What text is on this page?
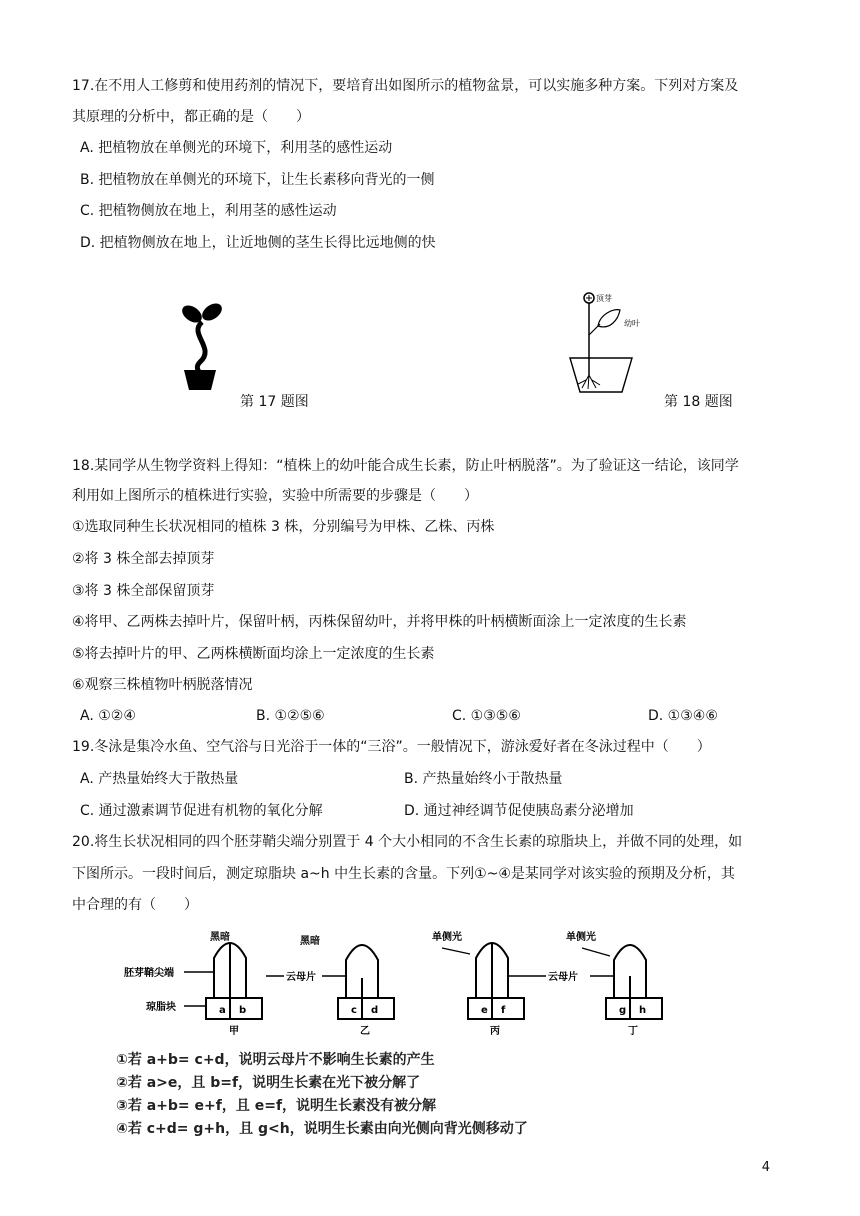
17.在不用人工修剪和使用药剂的情况下，要培育出如图所示的植物盆景，可以实施多种方案。下列对方案及
其原理的分析中，都正确的是（　　）
A. 把植物放在单侧光的环境下，利用茎的感性运动
B. 把植物放在单侧光的环境下，让生长素移向背光的一侧
C. 把植物侧放在地上，利用茎的感性运动
D. 把植物侧放在地上，让近地侧的茎生长得比远地侧的快
第 17 题图
顶芽
幼叶
第 18 题图
18.某同学从生物学资料上得知：“植株上的幼叶能合成生长素，防止叶柄脱落”。为了验证这一结论，该同学
利用如上图所示的植株进行实验，实验中所需要的步骤是（　　）
①选取同种生长状况相同的植株 3 株，分别编号为甲株、乙株、丙株
②将 3 株全部去掉顶芽
③将 3 株全部保留顶芽
④将甲、乙两株去掉叶片，保留叶柄，丙株保留幼叶，并将甲株的叶柄横断面涂上一定浓度的生长素
⑤将去掉叶片的甲、乙两株横断面均涂上一定浓度的生长素
⑥观察三株植物叶柄脱落情况
A. ①②④	B. ①②⑤⑥	C. ①③⑤⑥	D. ①③④⑥
19.冬泳是集冷水鱼、空气浴与日光浴于一体的“三浴”。一般情况下，游泳爱好者在冬泳过程中（　　）
A. 产热量始终大于散热量	B. 产热量始终小于散热量
C. 通过激素调节促进有机物的氧化分解	D. 通过神经调节促使胰岛素分泌增加
20.将生长状况相同的四个胚芽鞘尖端分别置于 4 个大小相同的不含生长素的琼脂块上，并做不同的处理，如
下图所示。一段时间后，测定琼脂块 a~h 中生长素的含量。下列①~④是某同学对该实验的预期及分析，其
中合理的有（　　）
黑暗
a b
甲
胚芽鞘尖端
琼脂块
黑暗
c d
乙
云母片
单侧光
e f
丙
云母片
单侧光
g h
丁
①若 a+b= c+d，说明云母片不影响生长素的产生
②若 a>e，且 b=f，说明生长素在光下被分解了
③若 a+b= e+f，且 e=f，说明生长素没有被分解
④若 c+d= g+h，且 g<h，说明生长素由向光侧向背光侧移动了
4
